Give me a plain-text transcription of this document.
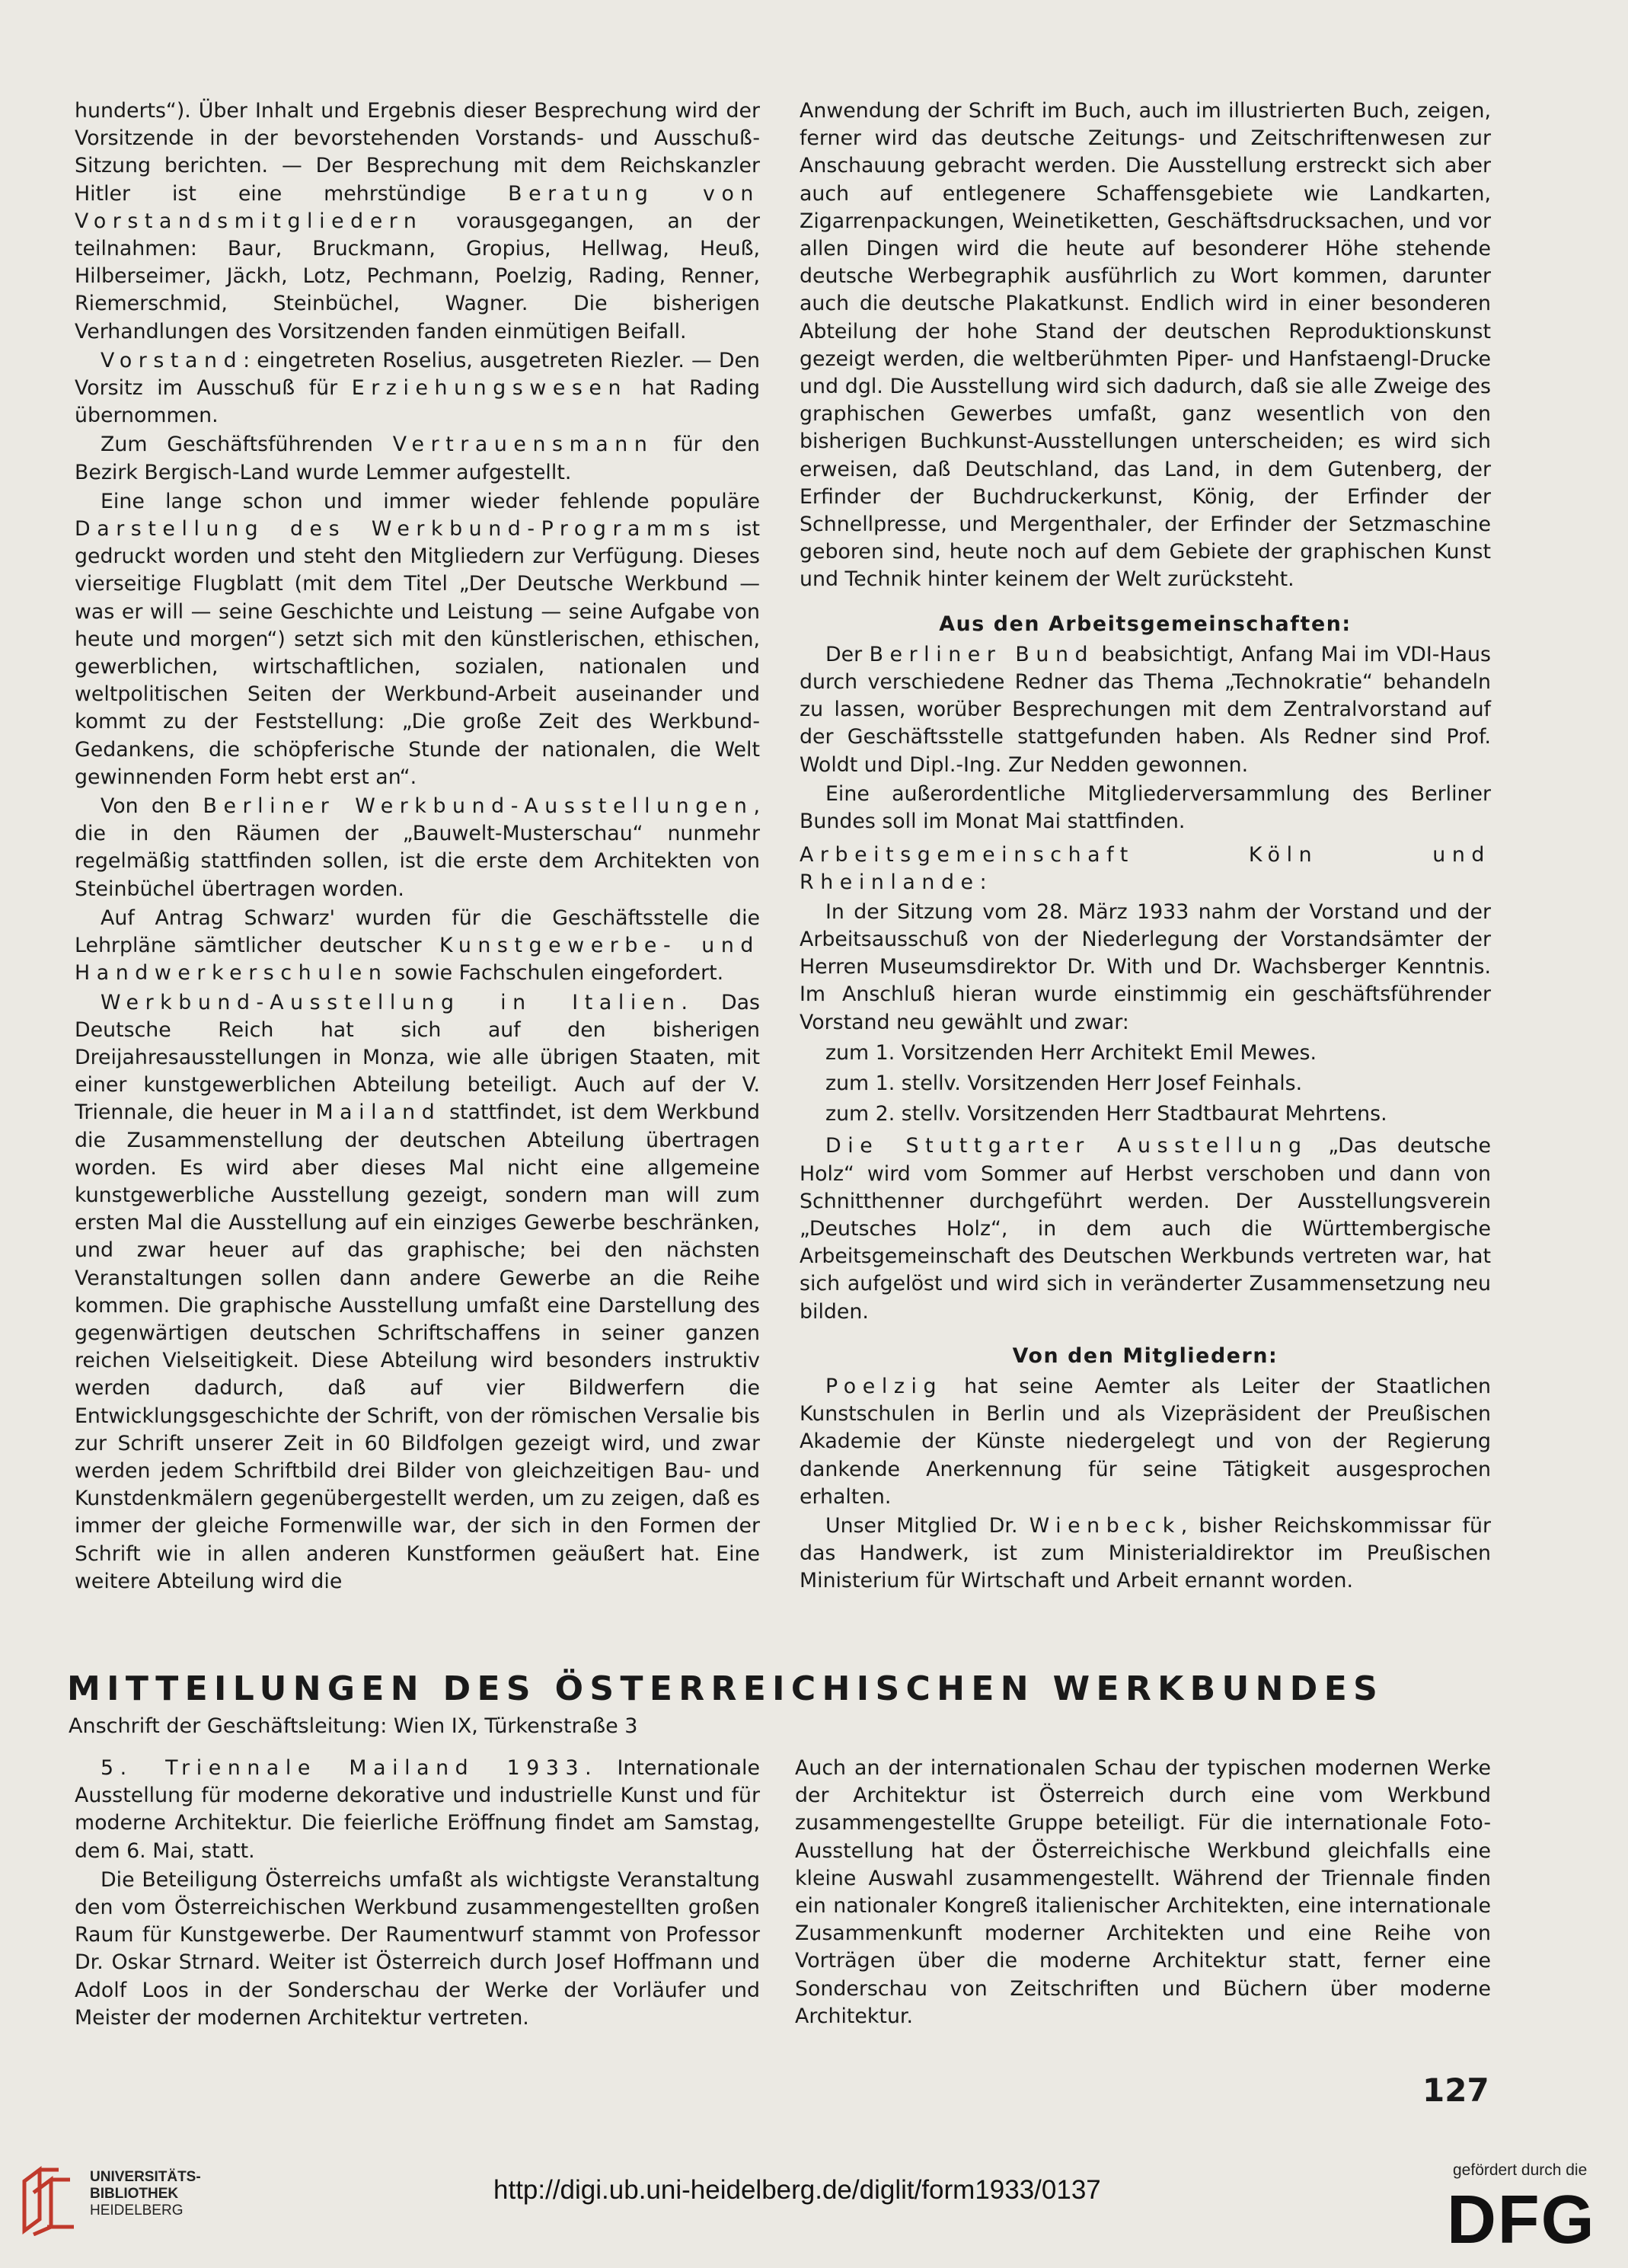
hunderts“). Über Inhalt und Ergebnis dieser Besprechung wird der Vorsitzende in der bevorstehenden Vorstands- und Ausschuß-Sitzung berichten. — Der Besprechung mit dem Reichskanzler Hitler ist eine mehrstündige Beratung von Vorstandsmitgliedern vorausgegangen, an der teilnahmen: Baur, Bruckmann, Gropius, Hellwag, Heuß, Hilberseimer, Jäckh, Lotz, Pechmann, Poelzig, Rading, Renner, Riemerschmid, Steinbüchel, Wagner. Die bisherigen Verhandlungen des Vorsitzenden fanden einmütigen Beifall.

Vorstand: eingetreten Roselius, ausgetreten Riezler. — Den Vorsitz im Ausschuß für Erziehungswesen hat Rading übernommen.

Zum Geschäftsführenden Vertrauensmann für den Bezirk Bergisch-Land wurde Lemmer aufgestellt.

Eine lange schon und immer wieder fehlende populäre Darstellung des Werkbund-Programms ist gedruckt worden und steht den Mitgliedern zur Verfügung. Dieses vierseitige Flugblatt (mit dem Titel „Der Deutsche Werkbund — was er will — seine Geschichte und Leistung — seine Aufgabe von heute und morgen“) setzt sich mit den künstlerischen, ethischen, gewerblichen, wirtschaftlichen, sozialen, nationalen und weltpolitischen Seiten der Werkbund-Arbeit auseinander und kommt zu der Feststellung: „Die große Zeit des Werkbund-Gedankens, die schöpferische Stunde der nationalen, die Welt gewinnenden Form hebt erst an“.

Von den Berliner Werkbund-Ausstellungen, die in den Räumen der „Bauwelt-Musterschau“ nunmehr regelmäßig stattfinden sollen, ist die erste dem Architekten von Steinbüchel übertragen worden.

Auf Antrag Schwarz' wurden für die Geschäftsstelle die Lehrpläne sämtlicher deutscher Kunstgewerbe- und Handwerkerschulen sowie Fachschulen eingefordert.

Werkbund-Ausstellung in Italien. Das Deutsche Reich hat sich auf den bisherigen Dreijahresausstellungen in Monza, wie alle übrigen Staaten, mit einer kunstgewerblichen Abteilung beteiligt. Auch auf der V. Triennale, die heuer in Mailand stattfindet, ist dem Werkbund die Zusammenstellung der deutschen Abteilung übertragen worden. Es wird aber dieses Mal nicht eine allgemeine kunstgewerbliche Ausstellung gezeigt, sondern man will zum ersten Mal die Ausstellung auf ein einziges Gewerbe beschränken, und zwar heuer auf das graphische; bei den nächsten Veranstaltungen sollen dann andere Gewerbe an die Reihe kommen. Die graphische Ausstellung umfaßt eine Darstellung des gegenwärtigen deutschen Schriftschaffens in seiner ganzen reichen Vielseitigkeit. Diese Abteilung wird besonders instruktiv werden dadurch, daß auf vier Bildwerfern die Entwicklungsgeschichte der Schrift, von der römischen Versalie bis zur Schrift unserer Zeit in 60 Bildfolgen gezeigt wird, und zwar werden jedem Schriftbild drei Bilder von gleichzeitigen Bau- und Kunstdenkmälern gegenübergestellt werden, um zu zeigen, daß es immer der gleiche Formenwille war, der sich in den Formen der Schrift wie in allen anderen Kunstformen geäußert hat. Eine weitere Abteilung wird die

Anwendung der Schrift im Buch, auch im illustrierten Buch, zeigen, ferner wird das deutsche Zeitungs- und Zeitschriftenwesen zur Anschauung gebracht werden. Die Ausstellung erstreckt sich aber auch auf entlegenere Schaffensgebiete wie Landkarten, Zigarrenpackungen, Weinetiketten, Geschäftsdrucksachen, und vor allen Dingen wird die heute auf besonderer Höhe stehende deutsche Werbegraphik ausführlich zu Wort kommen, darunter auch die deutsche Plakatkunst. Endlich wird in einer besonderen Abteilung der hohe Stand der deutschen Reproduktionskunst gezeigt werden, die weltberühmten Piper- und Hanfstaengl-Drucke und dgl. Die Ausstellung wird sich dadurch, daß sie alle Zweige des graphischen Gewerbes umfaßt, ganz wesentlich von den bisherigen Buchkunst-Ausstellungen unterscheiden; es wird sich erweisen, daß Deutschland, das Land, in dem Gutenberg, der Erfinder der Buchdruckerkunst, König, der Erfinder der Schnellpresse, und Mergenthaler, der Erfinder der Setzmaschine geboren sind, heute noch auf dem Gebiete der graphischen Kunst und Technik hinter keinem der Welt zurücksteht.

Aus den Arbeitsgemeinschaften:

Der Berliner Bund beabsichtigt, Anfang Mai im VDI-Haus durch verschiedene Redner das Thema „Technokratie“ behandeln zu lassen, worüber Besprechungen mit dem Zentralvorstand auf der Geschäftsstelle stattgefunden haben. Als Redner sind Prof. Woldt und Dipl.-Ing. Zur Nedden gewonnen.

Eine außerordentliche Mitgliederversammlung des Berliner Bundes soll im Monat Mai stattfinden.

Arbeitsgemeinschaft Köln und Rheinlande:

In der Sitzung vom 28. März 1933 nahm der Vorstand und der Arbeitsausschuß von der Niederlegung der Vorstandsämter der Herren Museumsdirektor Dr. With und Dr. Wachsberger Kenntnis. Im Anschluß hieran wurde einstimmig ein geschäftsführender Vorstand neu gewählt und zwar:

zum 1. Vorsitzenden Herr Architekt Emil Mewes.

zum 1. stellv. Vorsitzenden Herr Josef Feinhals.

zum 2. stellv. Vorsitzenden Herr Stadtbaurat Mehrtens.

Die Stuttgarter Ausstellung „Das deutsche Holz“ wird vom Sommer auf Herbst verschoben und dann von Schnitthenner durchgeführt werden. Der Ausstellungsverein „Deutsches Holz“, in dem auch die Württembergische Arbeitsgemeinschaft des Deutschen Werkbunds vertreten war, hat sich aufgelöst und wird sich in veränderter Zusammensetzung neu bilden.

Von den Mitgliedern:

Poelzig hat seine Aemter als Leiter der Staatlichen Kunstschulen in Berlin und als Vizepräsident der Preußischen Akademie der Künste niedergelegt und von der Regierung dankende Anerkennung für seine Tätigkeit ausgesprochen erhalten.

Unser Mitglied Dr. Wienbeck, bisher Reichskommissar für das Handwerk, ist zum Ministerialdirektor im Preußischen Ministerium für Wirtschaft und Arbeit ernannt worden.

MITTEILUNGEN DES ÖSTERREICHISCHEN WERKBUNDES
Anschrift der Geschäftsleitung: Wien IX, Türkenstraße 3

5. Triennale Mailand 1933. Internationale Ausstellung für moderne dekorative und industrielle Kunst und für moderne Architektur. Die feierliche Eröffnung findet am Samstag, dem 6. Mai, statt.

Die Beteiligung Österreichs umfaßt als wichtigste Veranstaltung den vom Österreichischen Werkbund zusammengestellten großen Raum für Kunstgewerbe. Der Raumentwurf stammt von Professor Dr. Oskar Strnard. Weiter ist Österreich durch Josef Hoffmann und Adolf Loos in der Sonderschau der Werke der Vorläufer und Meister der modernen Architektur vertreten.

Auch an der internationalen Schau der typischen modernen Werke der Architektur ist Österreich durch eine vom Werkbund zusammengestellte Gruppe beteiligt. Für die internationale Foto-Ausstellung hat der Österreichische Werkbund gleichfalls eine kleine Auswahl zusammengestellt. Während der Triennale finden ein nationaler Kongreß italienischer Architekten, eine internationale Zusammenkunft moderner Architekten und eine Reihe von Vorträgen über die moderne Architektur statt, ferner eine Sonderschau von Zeitschriften und Büchern über moderne Architektur.

127
UNIVERSITÄTS-
BIBLIOTHEK
HEIDELBERG
http://digi.ub.uni-heidelberg.de/diglit/form1933/0137
gefördert durch die
DFG
